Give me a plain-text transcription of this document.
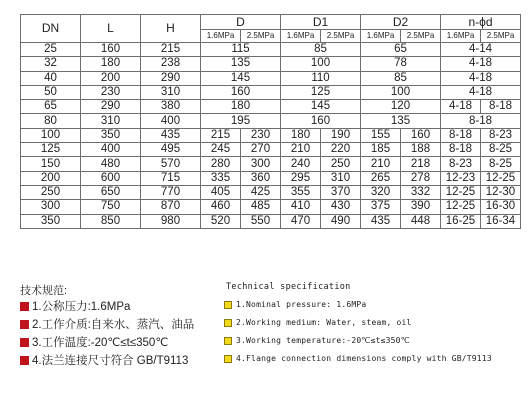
DN	L	H	D		D1		D2		n-ϕd	
			1.6MPa	2.5MPa	1.6MPa	2.5MPa	1.6MPa	2.5MPa	1.6MPa	2.5MPa
25	160	215	115		85		65		4-14	
32	180	238	135		100		78		4-18	
40	200	290	145		110		85		4-18	
50	230	310	160		125		100		4-18	
65	290	380	180		145		120		4-18	8-18
80	310	400	195		160		135		8-18	
100	350	435	215	230	180	190	155	160	8-18	8-23
125	400	495	245	270	210	220	185	188	8-18	8-25
150	480	570	280	300	240	250	210	218	8-23	8-25
200	600	715	335	360	295	310	265	278	12-23	12-25
250	650	770	405	425	355	370	320	332	12-25	12-30
300	750	870	460	485	410	430	375	390	12-25	16-30
350	850	980	520	550	470	490	435	448	16-25	16-34
技术规范:	Technical specification
1.公称压力:1.6MPa
2.工作介质:自来水、蒸汽、油品
3.工作温度:-20℃≤t≤350℃
4.法兰连接尺寸符合 GB/T9113
1.Nominal pressure: 1.6MPa
2.Working medium: Water, steam, oil
3.Working temperature:-20℃≤t≤350℃
4.Flange connection dimensions comply with GB/T9113
